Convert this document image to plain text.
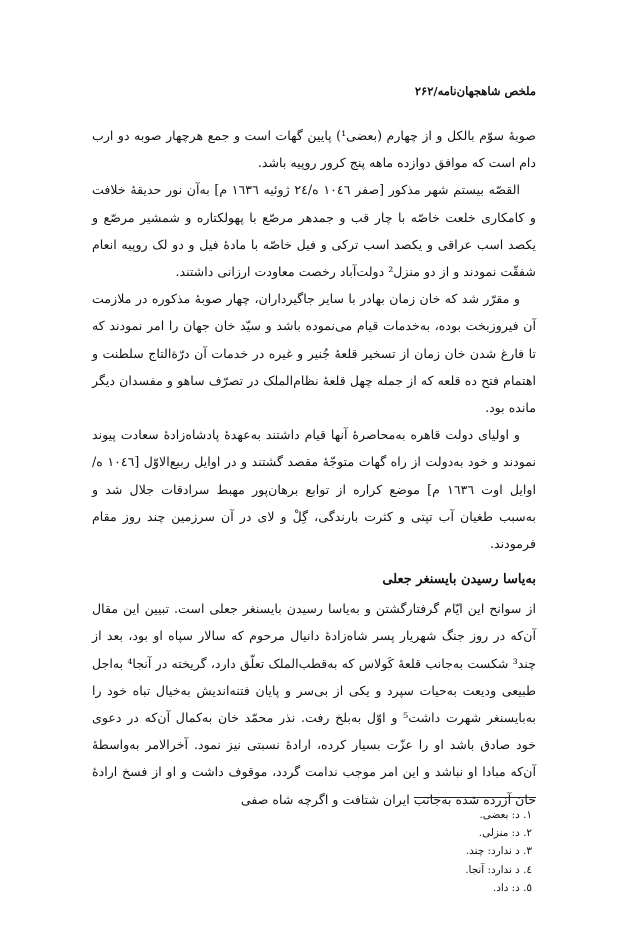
ملخص شاهجهان‌نامه/۲۶۲

صوبهٔ سوّم بالکل و از چهارم (بعضی¹) پایین گهات است و جمع هرچهار صوبه دو ارب دام است که موافق دوازده ماهه پنج کرور روپیه باشد.

القصّه بیستم شهر مذکور [صفر ١٠٤٦ ه/٢٤ ژوئیه ١٦٣٦ م] به‌آن نور حدیقهٔ خلافت و کامکاری خلعت خاصّه با چار قب و جمدهر مرصّع با پهولکتاره و شمشیر مرصّع و یکصد اسب عراقی و یکصد اسب ترکی و فیل خاصّه با مادهٔ فیل و دو لک روپیه انعام شفقّت نمودند و از دو منزل² دولت‌آباد رخصت معاودت ارزانی داشتند.

و مقرّر شد که خان زمان بهادر با سایر جاگیرداران، چهار صوبهٔ مذکوره در ملازمت آن فیروزبخت بوده، به‌خدمات قیام می‌نموده باشد و سیّد خان جهان را امر نمودند که تا فارغ شدن خان زمان از تسخیر قلعهٔ جُنیر و غیره در خدمات آن درّةالتاج سلطنت و اهتمام فتح ده قلعه که از جمله چهل قلعهٔ نظام‌الملک در تصرّف ساهو و مفسدان دیگر مانده بود.

و اولیای دولت قاهره به‌محاصرهٔ آنها قیام داشتند به‌عهدهٔ پادشاه‌زادهٔ سعادت پیوند نمودند و خود به‌دولت از راه گهات متوجّهٔ مقصد گشتند و در اوایل ربیع‌الاوّل [١٠٤٦ ه/اوایل اوت ١٦٣٦ م] موضع کراره از توابع برهان‌پور مهبط سرادقات جلال شد و به‌سبب طغیان آب تپتی و کثرت بارندگی، گِلْ و لای در آن سرزمین چند روز مقام فرمودند.

به‌یاسا رسیدن بایسنغر جعلی

از سوانح این ایّام گرفتارگشتن و به‌یاسا رسیدن بایسنغر جعلی است. تبیین این مقال آن‌که در روز جنگ شهریار پسر شاه‌زادهٔ دانیال مرحوم که سالار سپاه او بود، بعد از چند³ شکست به‌جانب قلعهٔ کَولاس که به‌قطب‌الملک تعلّق دارد، گریخته در آنجا⁴ به‌اجل طبیعی ودیعت به‌حیات سپرد و یکی از بی‌سر و پایان فتنه‌اندیش به‌خیال تباه خود را به‌بایسنغر شهرت داشت⁵ و اوّل به‌بلخ رفت. نذر محمّد خان به‌کمال آن‌که در دعوی خود صادق باشد او را عزّت بسیار کرده، ارادهٔ نسبتی نیز نمود. آخرالامر به‌واسطهٔ آن‌که مبادا او نباشد و این امر موجب ندامت گردد، موقوف داشت و او از فسخ ارادهٔ خان آزرده شده به‌جانب ایران شتافت و اگرچه شاه صفی

١. د: بعضی.
٢. د: منزلی.
٣. د ندارد: چند.
٤. د ندارد: آنجا.
٥. د: داد.
